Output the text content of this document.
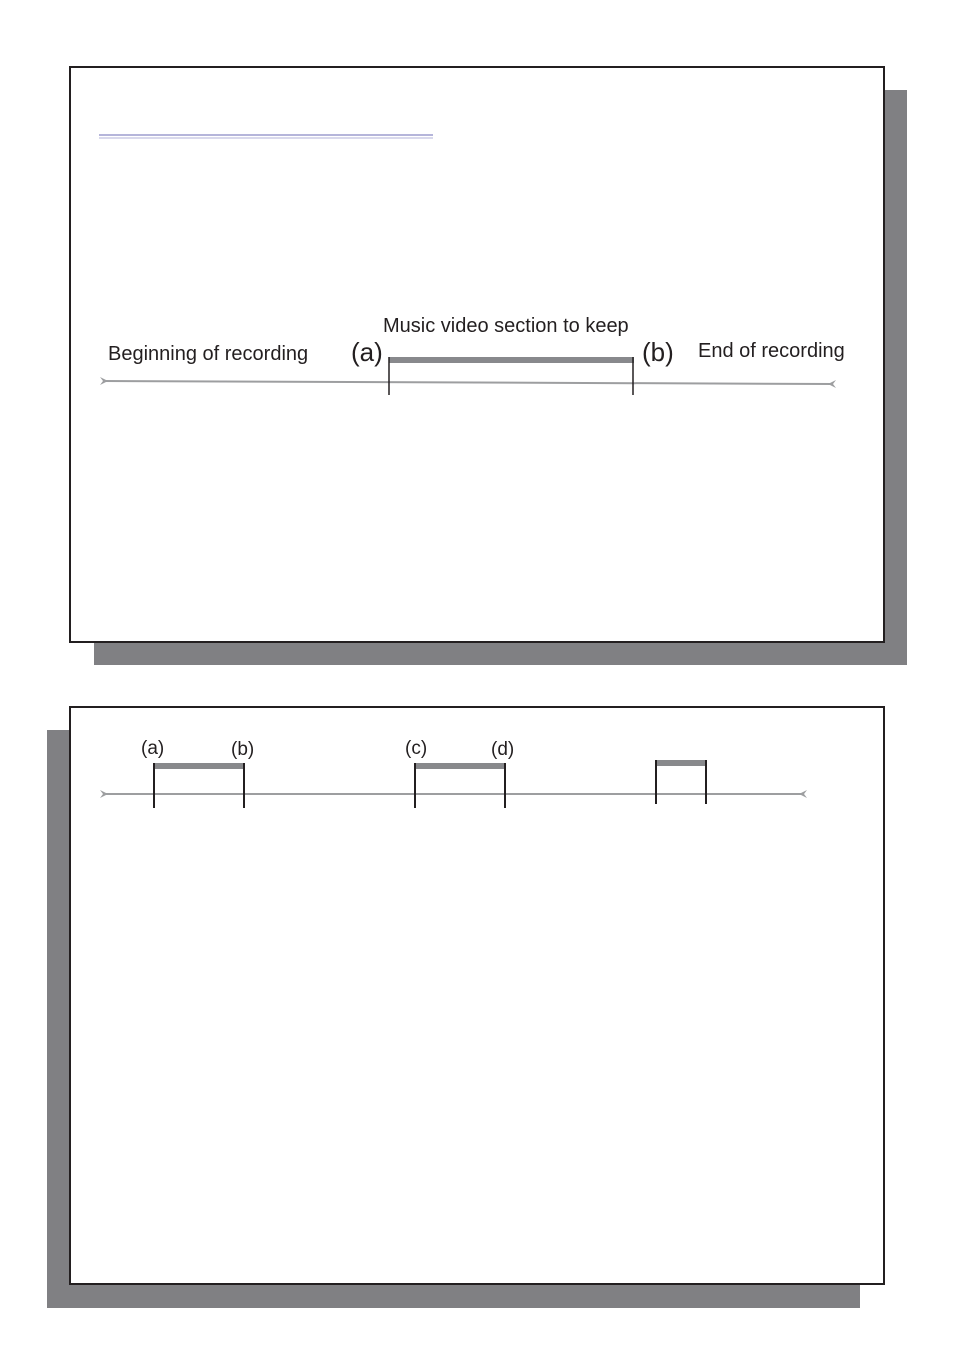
Music video section to keep
Beginning of recording (a)	(b) End of recording
(a)	(b)	(c)	(d)
